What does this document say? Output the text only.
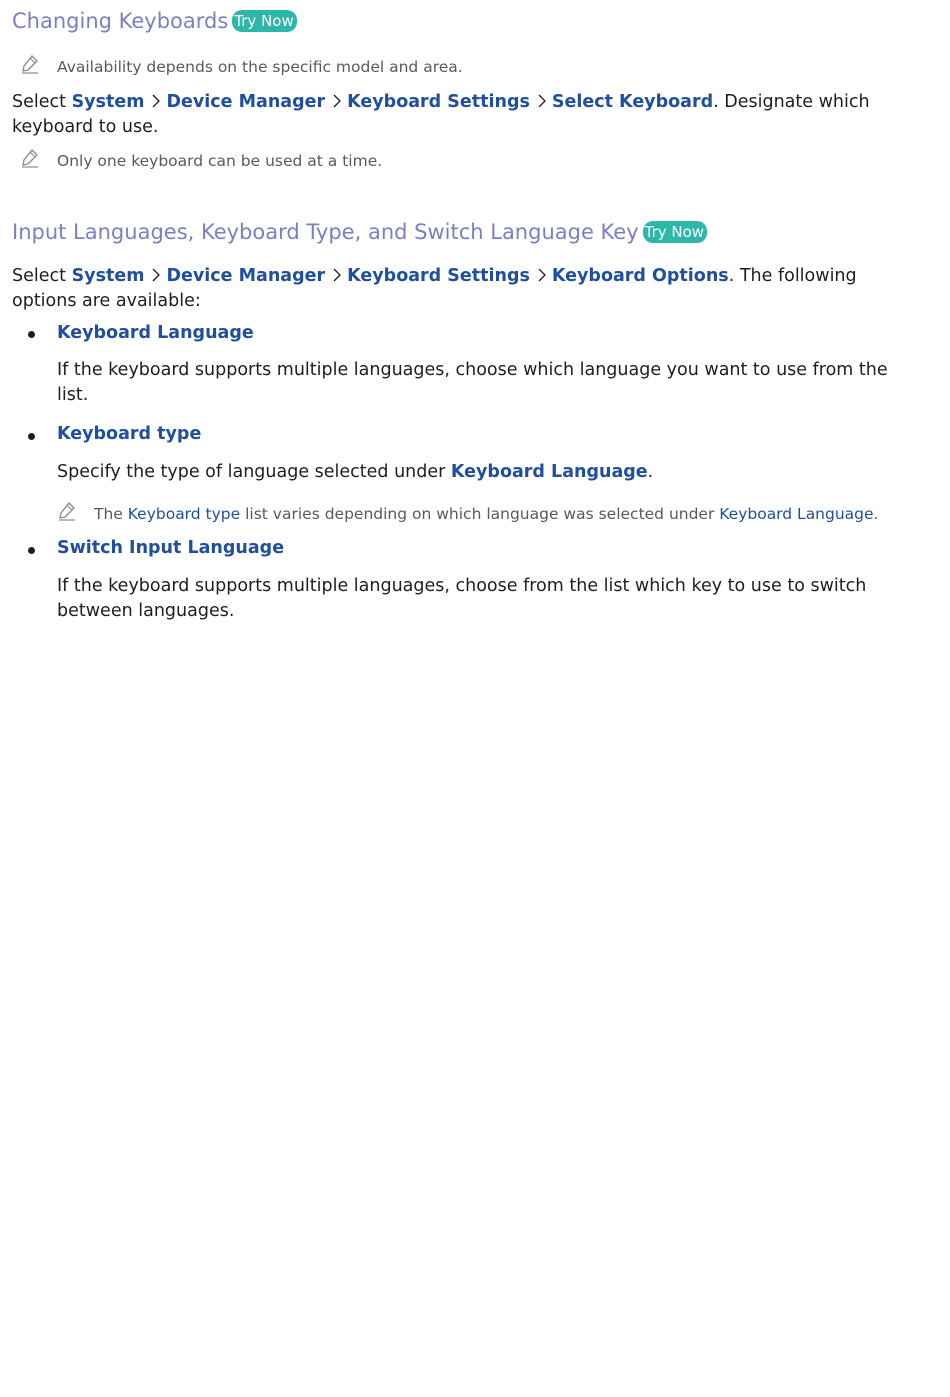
Changing Keyboards Try Now
Availability depends on the specific model and area.
Select System Device Manager Keyboard Settings Select Keyboard. Designate which keyboard to use.
Only one keyboard can be used at a time.
Input Languages, Keyboard Type, and Switch Language Key Try Now
Select System Device Manager Keyboard Settings Keyboard Options. The following options are available:
Keyboard Language
If the keyboard supports multiple languages, choose which language you want to use from the list.
Keyboard type
Specify the type of language selected under Keyboard Language.
The Keyboard type list varies depending on which language was selected under Keyboard Language.
Switch Input Language
If the keyboard supports multiple languages, choose from the list which key to use to switch between languages.
